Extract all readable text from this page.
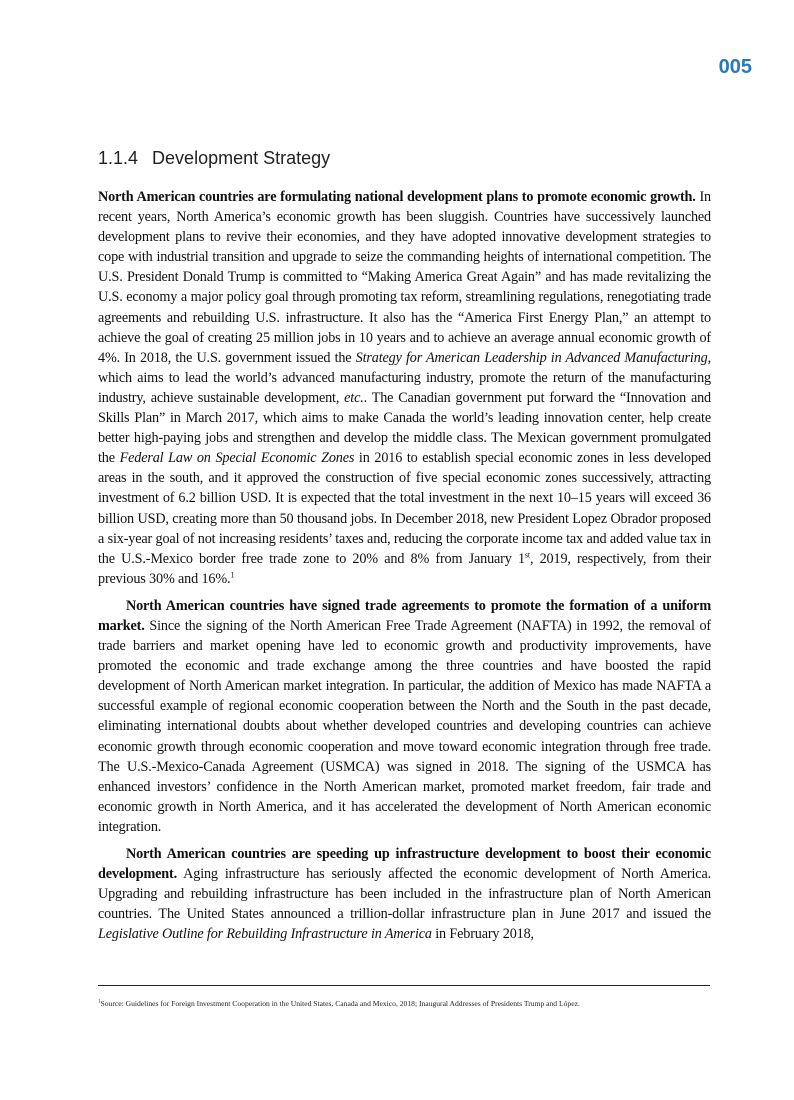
005
1.1.4 Development Strategy

North American countries are formulating national development plans to promote economic growth. In recent years, North America’s economic growth has been sluggish. Countries have successively launched development plans to revive their economies, and they have adopted innovative development strategies to cope with industrial transition and upgrade to seize the commanding heights of international competition. The U.S. President Donald Trump is committed to “Making America Great Again” and has made revitalizing the U.S. economy a major policy goal through promoting tax reform, streamlining regulations, renegotiating trade agreements and rebuilding U.S. infrastructure. It also has the “America First Energy Plan,” an attempt to achieve the goal of creating 25 million jobs in 10 years and to achieve an average annual economic growth of 4%. In 2018, the U.S. government issued the Strategy for American Leadership in Advanced Manufacturing, which aims to lead the world’s advanced manufacturing industry, promote the return of the manufacturing industry, achieve sustainable development, etc.. The Canadian government put forward the “Innovation and Skills Plan” in March 2017, which aims to make Canada the world’s leading innovation center, help create better high-paying jobs and strengthen and develop the middle class. The Mexican government promulgated the Federal Law on Special Economic Zones in 2016 to establish special economic zones in less developed areas in the south, and it approved the construction of five special economic zones successively, attracting investment of 6.2 billion USD. It is expected that the total investment in the next 10–15 years will exceed 36 billion USD, creating more than 50 thousand jobs. In December 2018, new President Lopez Obrador proposed a six-year goal of not increasing residents’ taxes and, reducing the corporate income tax and added value tax in the U.S.-Mexico border free trade zone to 20% and 8% from January 1st, 2019, respectively, from their previous 30% and 16%.$^1$

North American countries have signed trade agreements to promote the formation of a uniform market. Since the signing of the North American Free Trade Agreement (NAFTA) in 1992, the removal of trade barriers and market opening have led to economic growth and productivity improvements, have promoted the economic and trade exchange among the three countries and have boosted the rapid development of North American market integration. In particular, the addition of Mexico has made NAFTA a successful example of regional economic cooperation between the North and the South in the past decade, eliminating international doubts about whether developed countries and developing countries can achieve economic growth through economic cooperation and move toward economic integration through free trade. The U.S.-Mexico-Canada Agreement (USMCA) was signed in 2018. The signing of the USMCA has enhanced investors’ confidence in the North American market, promoted market freedom, fair trade and economic growth in North America, and it has accelerated the development of North American economic integration.

North American countries are speeding up infrastructure development to boost their economic development. Aging infrastructure has seriously affected the economic development of North America. Upgrading and rebuilding infrastructure has been included in the infrastructure plan of North American countries. The United States announced a trillion-dollar infrastructure plan in June 2017 and issued the Legislative Outline for Rebuilding Infrastructure in America in February 2018,

$^1$Source: Guidelines for Foreign Investment Cooperation in the United States, Canada and Mexico, 2018; Inaugural Addresses of Presidents Trump and López.
